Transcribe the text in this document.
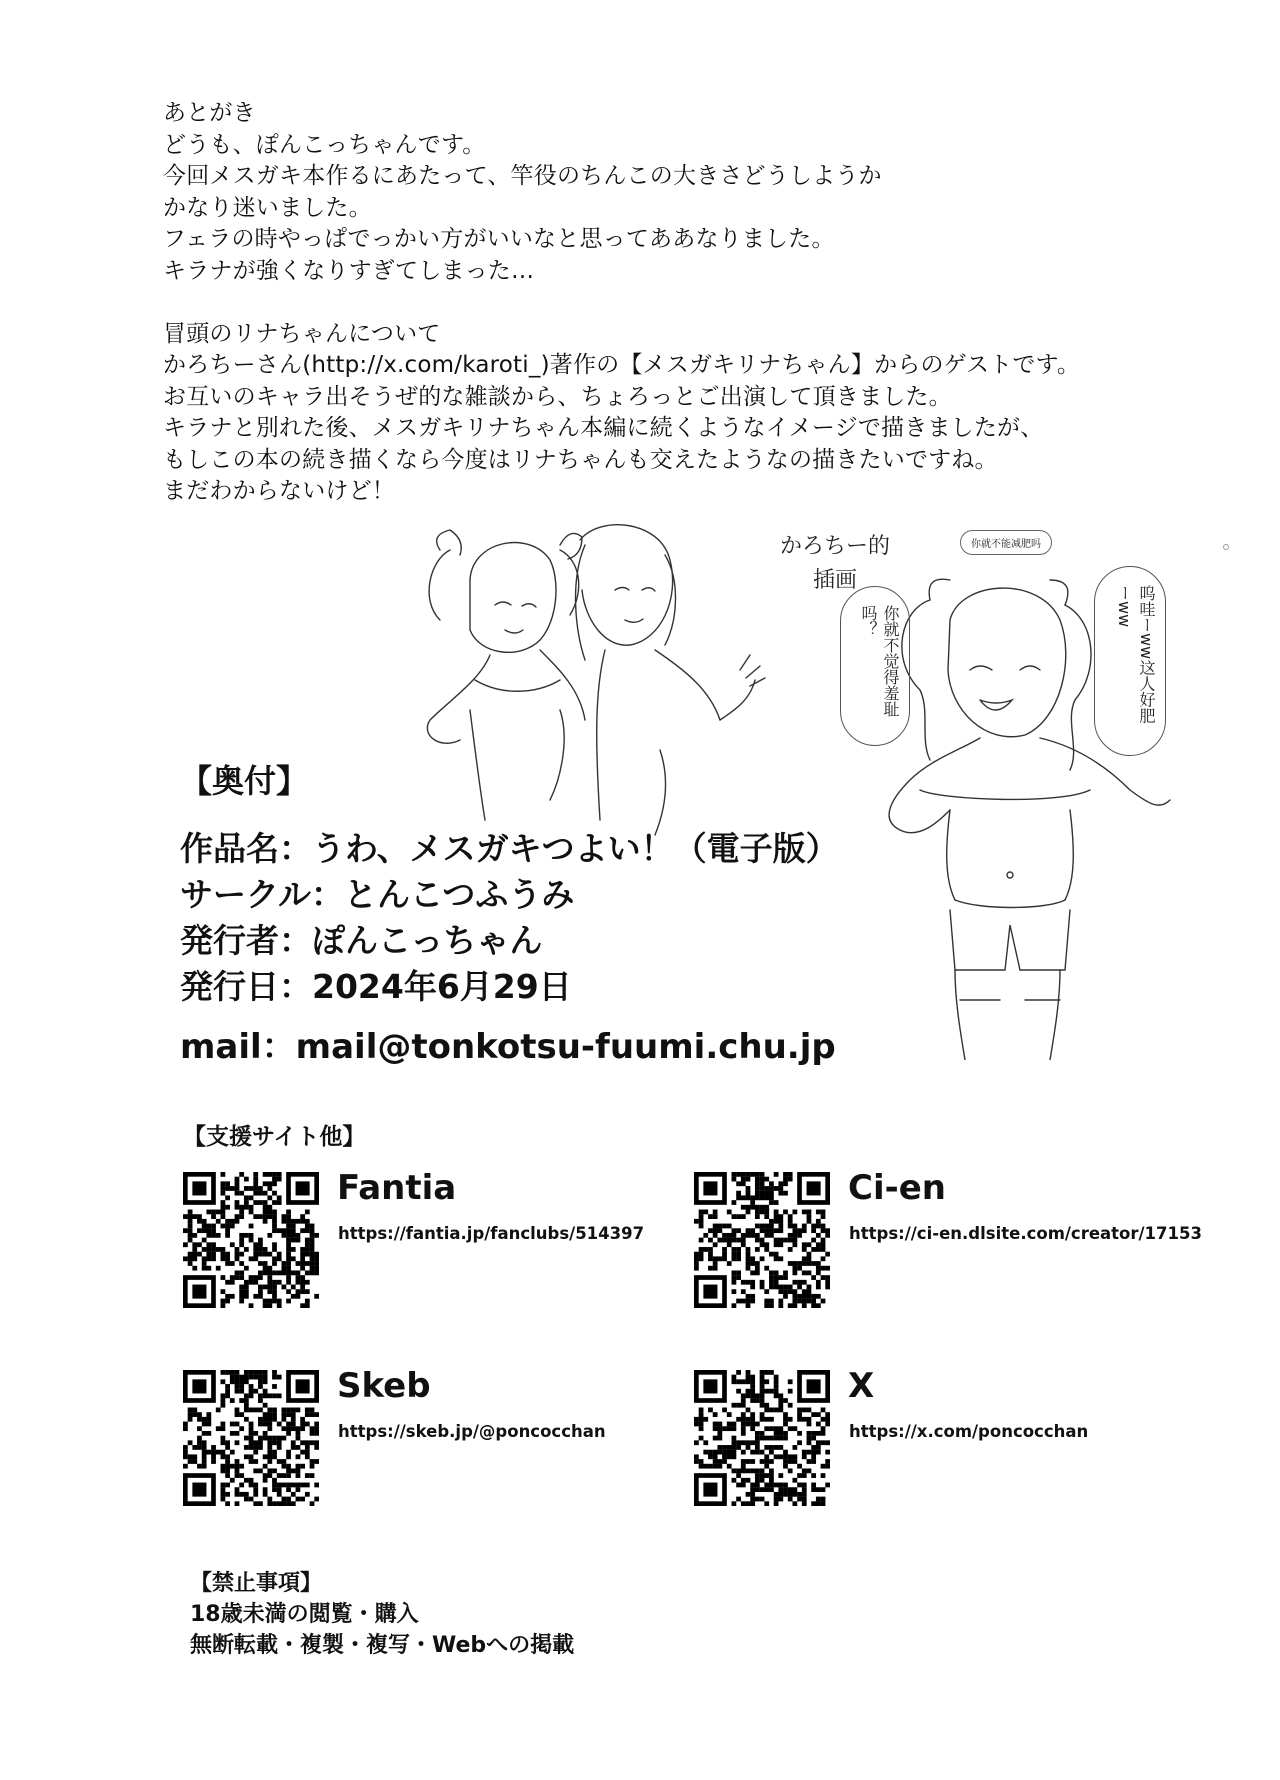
あとがき

どうも、ぽんこっちゃんです。

今回メスガキ本作るにあたって、竿役のちんこの大きさどうしようか

かなり迷いました。

フェラの時やっぱでっかい方がいいなと思ってああなりました。

キラナが強くなりすぎてしまった…

冒頭のリナちゃんについて

かろちーさん(http://x.com/karoti_)著作の【メスガキリナちゃん】からのゲストです。

お互いのキャラ出そうぜ的な雑談から、ちょろっとご出演して頂きました。

キラナと別れた後、メスガキリナちゃん本編に続くようなイメージで描きましたが、

もしこの本の続き描くなら今度はリナちゃんも交えたようなの描きたいですね。

まだわからないけど！

かろちー的
插画
你就不能减肥吗
你就不觉得羞耻吗？	呜哇ーww这人好肥ーww
【奥付】
作品名：うわ、メスガキつよい！（電子版）
サークル：とんこつふうみ
発行者：ぽんこっちゃん
発行日：2024年6月29日
mail：mail@tonkotsu-fuumi.chu.jp
【支援サイト他】
Fantia
https://fantia.jp/fanclubs/514397
Ci-en
https://ci-en.dlsite.com/creator/17153
Skeb
https://skeb.jp/@poncocchan
X
https://x.com/poncocchan

【禁止事項】

18歳未満の閲覧・購入

無断転載・複製・複写・Webへの掲載
